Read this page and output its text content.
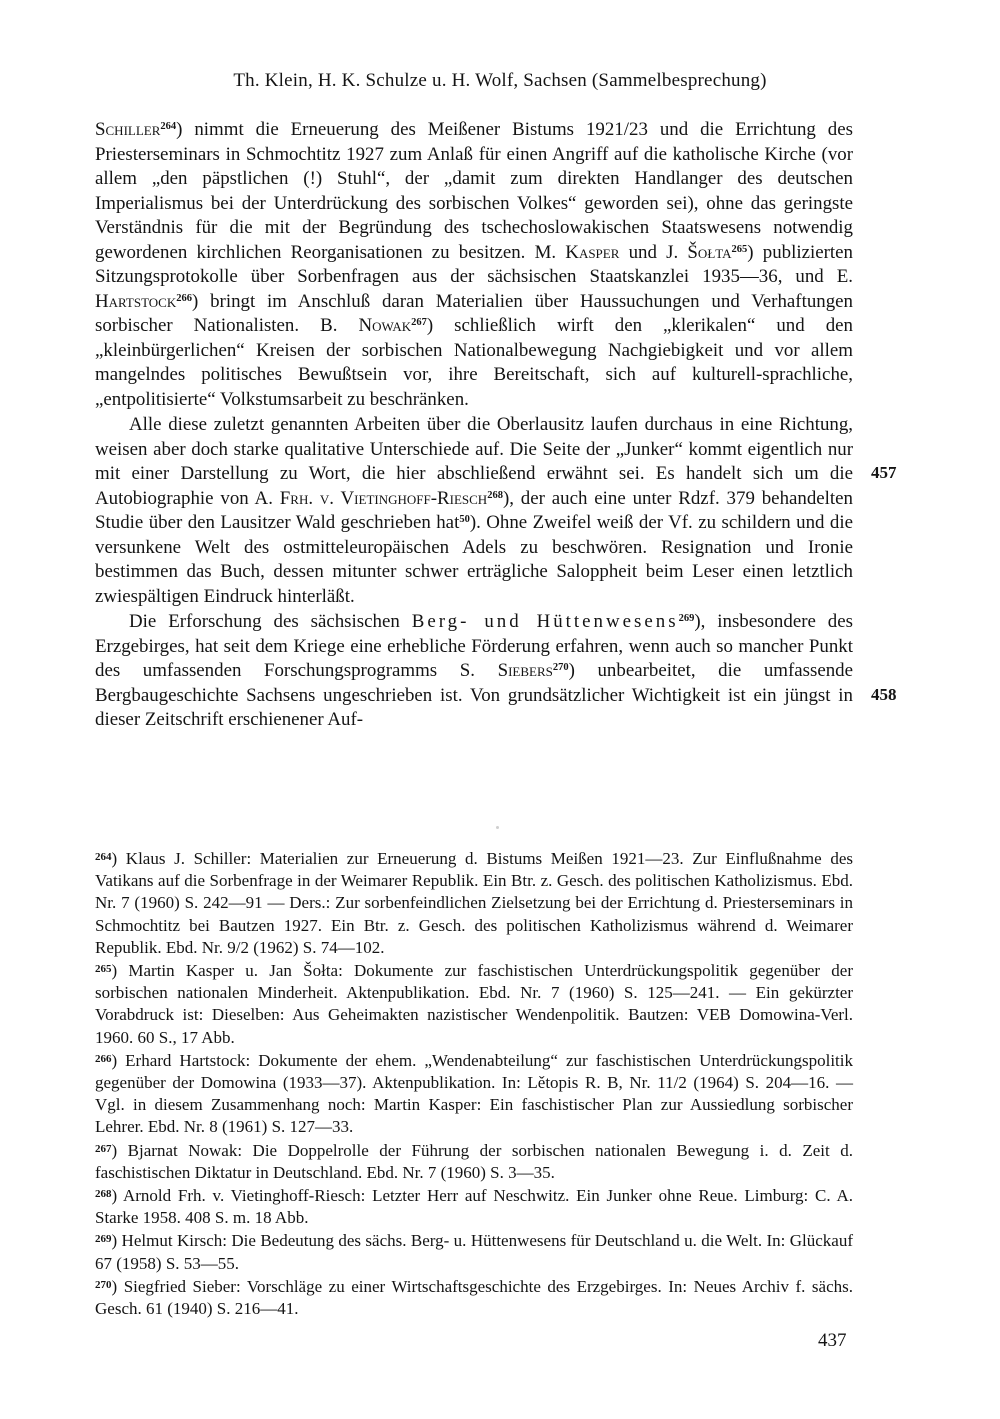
Th. Klein, H. K. Schulze u. H. Wolf, Sachsen (Sammelbesprechung)

Schiller$^{264}$) nimmt die Erneuerung des Meißener Bistums 1921/23 und die Errichtung des Priesterseminars in Schmochtitz 1927 zum Anlaß für einen Angriff auf die katholische Kirche (vor allem „den päpstlichen (!) Stuhl“, der „damit zum direkten Handlanger des deutschen Imperialismus bei der Unterdrückung des sorbischen Volkes“ geworden sei), ohne das geringste Verständnis für die mit der Begründung des tschechoslowakischen Staatswesens notwendig gewordenen kirchlichen Reorganisationen zu besitzen. M. Kasper und J. Šołta$^{265}$) publizierten Sitzungsprotokolle über Sorbenfragen aus der sächsischen Staatskanzlei 1935—36, und E. Hartstock$^{266}$) bringt im Anschluß daran Materialien über Haussuchungen und Verhaftungen sorbischer Nationalisten. B. Nowak$^{267}$) schließlich wirft den „klerikalen“ und den „kleinbürgerlichen“ Kreisen der sorbischen Nationalbewegung Nachgiebigkeit und vor allem mangelndes politisches Bewußtsein vor, ihre Bereitschaft, sich auf kulturell-sprachliche, „entpolitisierte“ Volkstumsarbeit zu beschränken.

Alle diese zuletzt genannten Arbeiten über die Oberlausitz laufen durchaus in eine Richtung, weisen aber doch starke qualitative Unterschiede auf. Die Seite der „Junker“ kommt eigentlich nur mit einer Darstellung zu Wort, die hier abschließend erwähnt sei. Es handelt sich um die Autobiographie von A. Frh. v. Vietinghoff-Riesch$^{268}$), der auch eine unter Rdzf. 379 behandelten Studie über den Lausitzer Wald geschrieben hat$^{50}$). Ohne Zweifel weiß der Vf. zu schildern und die versunkene Welt des ostmitteleuropäischen Adels zu beschwören. Resignation und Ironie bestimmen das Buch, dessen mitunter schwer erträgliche Saloppheit beim Leser einen letztlich zwiespältigen Eindruck hinterläßt.

Die Erforschung des sächsischen Berg- und Hüttenwesens$^{269}$), insbesondere des Erzgebirges, hat seit dem Kriege eine erhebliche Förderung erfahren, wenn auch so mancher Punkt des umfassenden Forschungsprogramms S. Siebers$^{270}$) unbearbeitet, die umfassende Bergbaugeschichte Sachsens ungeschrieben ist. Von grundsätzlicher Wichtigkeit ist ein jüngst in dieser Zeitschrift erschienener Auf-

457
458

$^{264}$) Klaus J. Schiller: Materialien zur Erneuerung d. Bistums Meißen 1921—23. Zur Einflußnahme des Vatikans auf die Sorbenfrage in der Weimarer Republik. Ein Btr. z. Gesch. des politischen Katholizismus. Ebd. Nr. 7 (1960) S. 242—91 — Ders.: Zur sorbenfeindlichen Zielsetzung bei der Errichtung d. Priesterseminars in Schmochtitz bei Bautzen 1927. Ein Btr. z. Gesch. des politischen Katholizismus während d. Weimarer Republik. Ebd. Nr. 9/2 (1962) S. 74—102.

$^{265}$) Martin Kasper u. Jan Šołta: Dokumente zur faschistischen Unterdrückungspolitik gegenüber der sorbischen nationalen Minderheit. Aktenpublikation. Ebd. Nr. 7 (1960) S. 125—241. — Ein gekürzter Vorabdruck ist: Dieselben: Aus Geheimakten nazistischer Wendenpolitik. Bautzen: VEB Domowina-Verl. 1960. 60 S., 17 Abb.

$^{266}$) Erhard Hartstock: Dokumente der ehem. „Wendenabteilung“ zur faschistischen Unterdrückungspolitik gegenüber der Domowina (1933—37). Aktenpublikation. In: Lětopis R. B, Nr. 11/2 (1964) S. 204—16. — Vgl. in diesem Zusammenhang noch: Martin Kasper: Ein faschistischer Plan zur Aussiedlung sorbischer Lehrer. Ebd. Nr. 8 (1961) S. 127—33.

$^{267}$) Bjarnat Nowak: Die Doppelrolle der Führung der sorbischen nationalen Bewegung i. d. Zeit d. faschistischen Diktatur in Deutschland. Ebd. Nr. 7 (1960) S. 3—35.

$^{268}$) Arnold Frh. v. Vietinghoff-Riesch: Letzter Herr auf Neschwitz. Ein Junker ohne Reue. Limburg: C. A. Starke 1958. 408 S. m. 18 Abb.

$^{269}$) Helmut Kirsch: Die Bedeutung des sächs. Berg- u. Hüttenwesens für Deutschland u. die Welt. In: Glückauf 67 (1958) S. 53—55.

$^{270}$) Siegfried Sieber: Vorschläge zu einer Wirtschaftsgeschichte des Erzgebirges. In: Neues Archiv f. sächs. Gesch. 61 (1940) S. 216—41.

437
